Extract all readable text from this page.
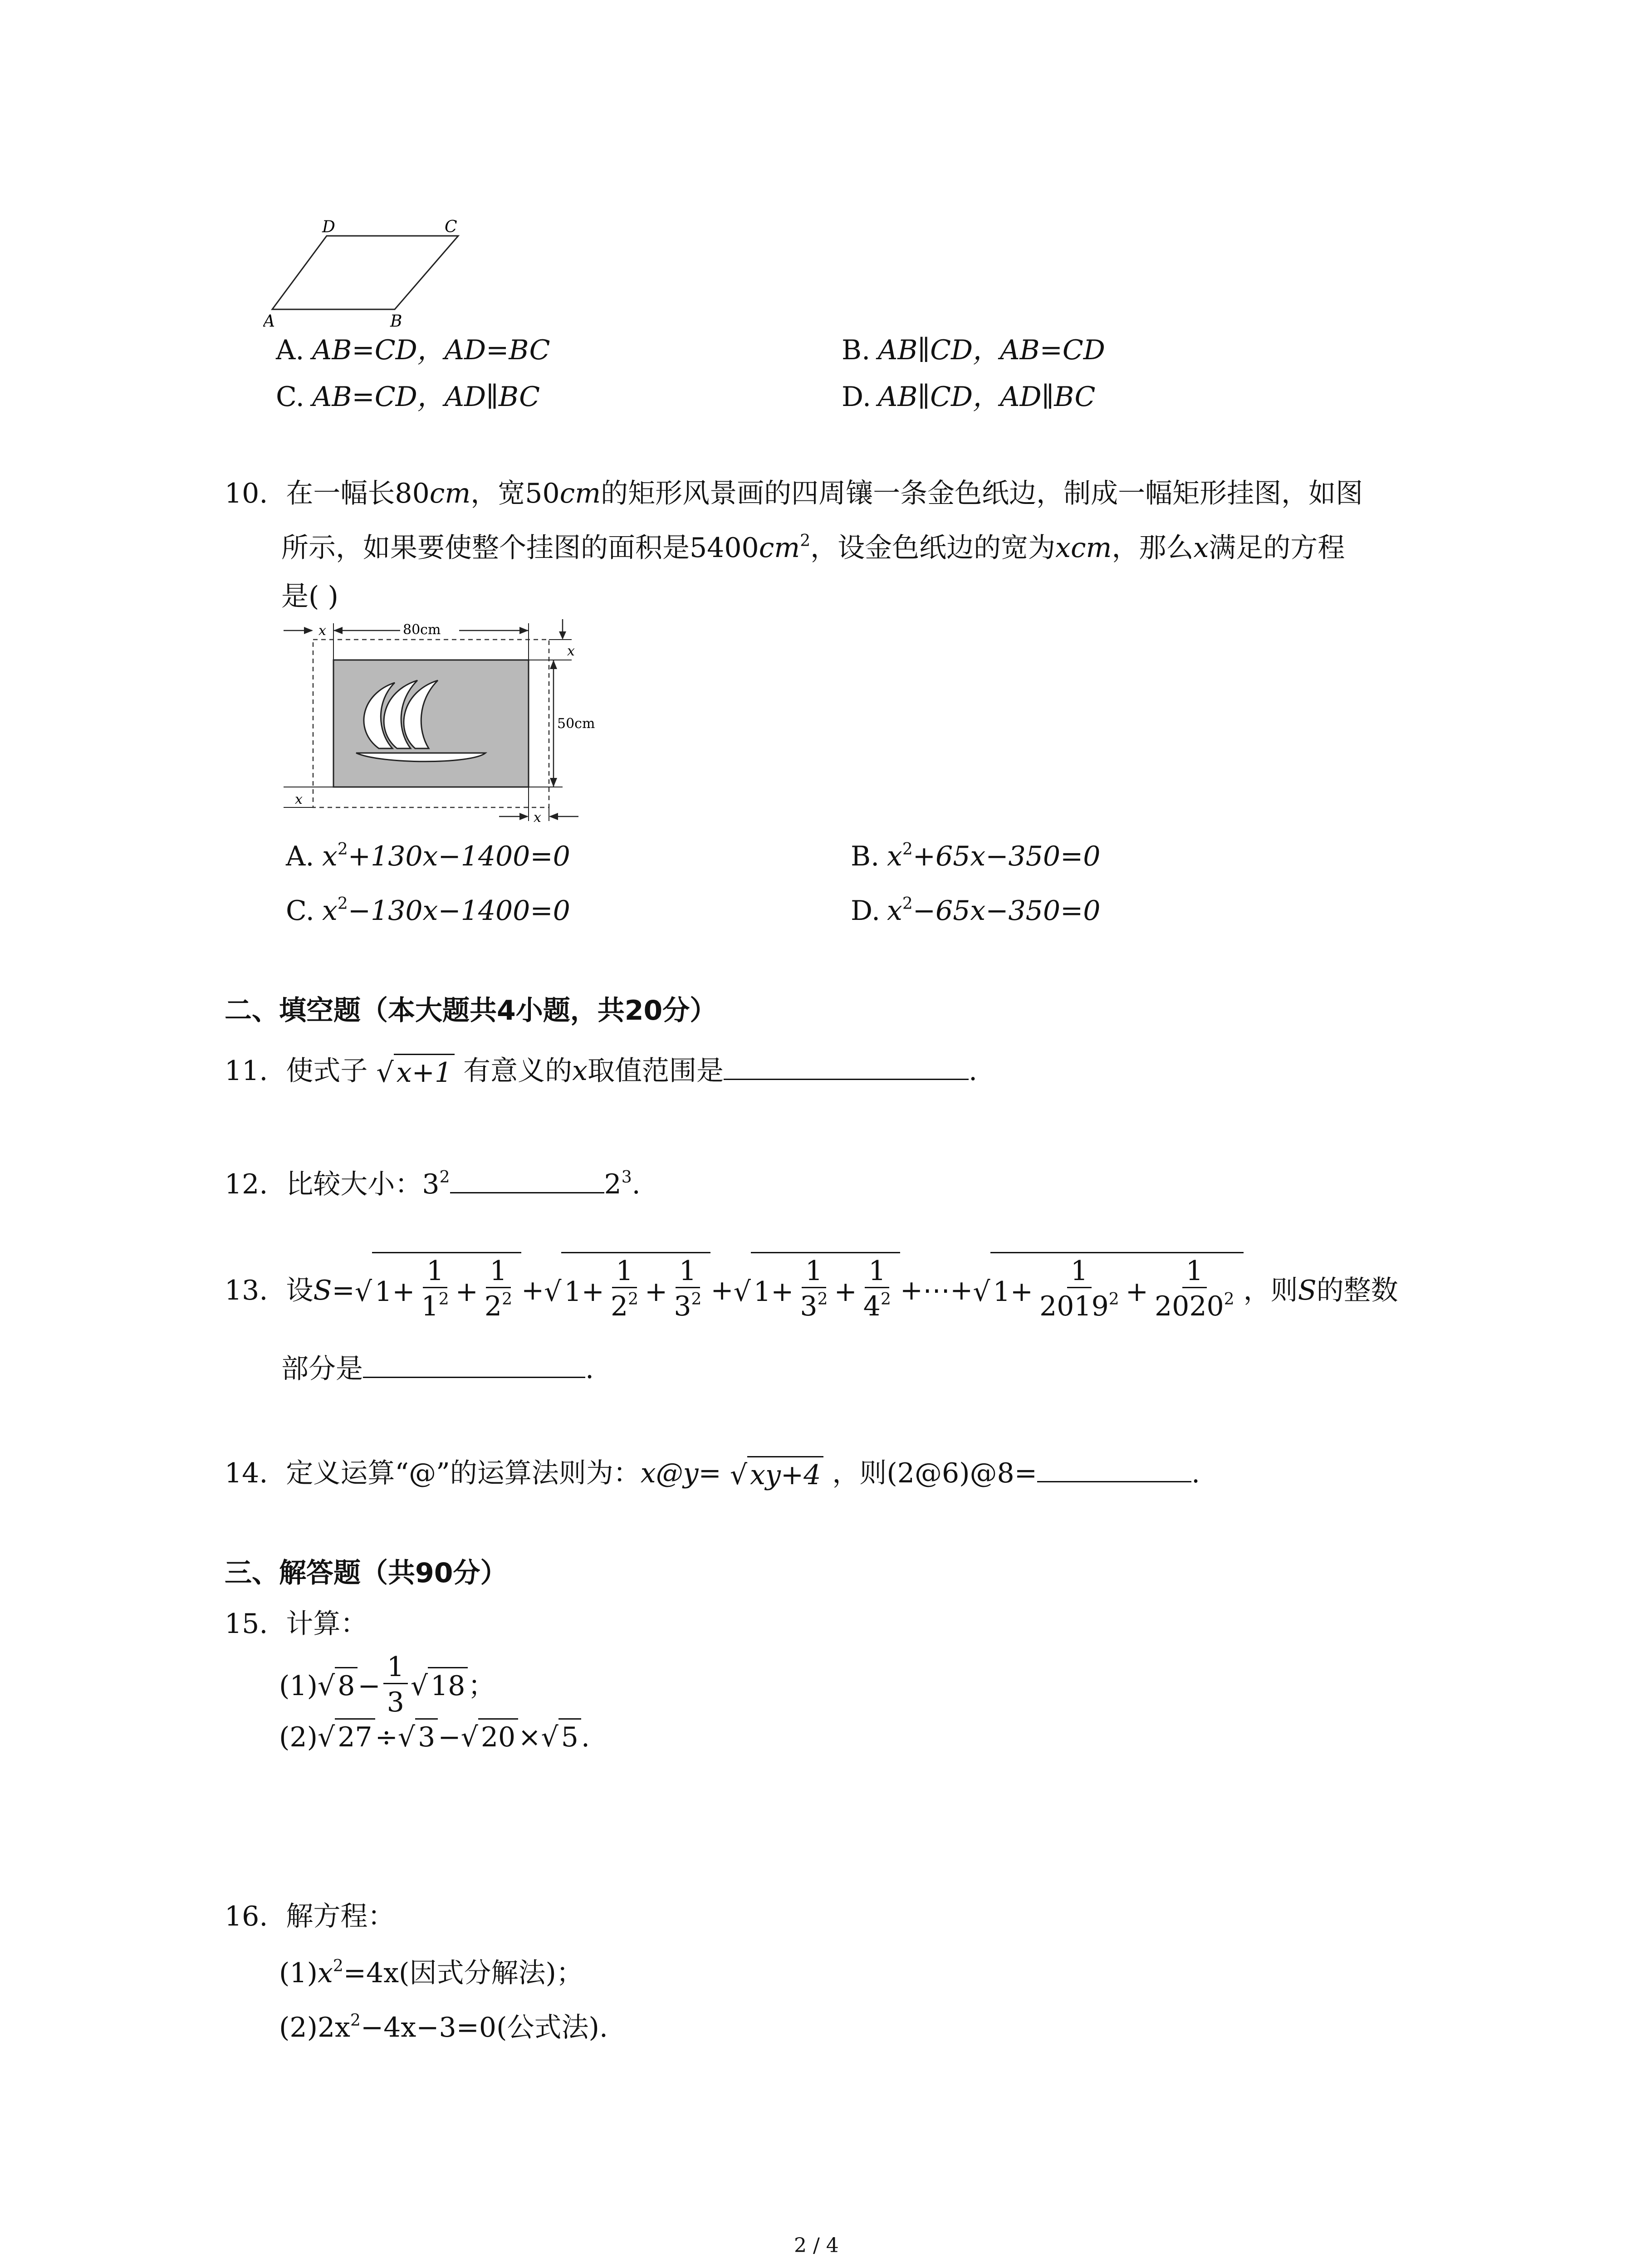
D	C
A	B
A. AB=CD，AD=BC	B. AB∥CD，AB=CD
C. AB=CD，AD∥BC	D. AB∥CD，AD∥BC
10. 在一幅长80cm，宽50cm的矩形风景画的四周镶一条金色纸边，制成一幅矩形挂图，如图
所示，如果要使整个挂图的面积是$5400cm^2$，设金色纸边的宽为xcm，那么x满足的方程
是( )
80cm
x
x
50cm
x
x
A. $x^2+130x-1400=0$	B. $x^2+65x-350=0$
C. $x^2-130x-1400=0$	D. $x^2-65x-350=0$
二、填空题（本大题共4小题，共20分）
11. 使式子 √ x+1 有意义的x取值范围是	.
12. 比较大小：$3^2$	$2^3$.
13. 设 S = √ $1+ \frac{1}{1^2} + \frac{1}{2^2}$ + √ $1+ \frac{1}{2^2} + \frac{1}{3^2}$ + √ $1+ \frac{1}{3^2} + \frac{1}{4^2}$ +⋯+ √ $1+ \frac{1}{2019^2} + \frac{1}{2020^2}$ ，则 S 的整数
部分是	.
14. 定义运算“@”的运算法则为：x@y= √ xy+4 ，则(2@6)@8=	.
三、解答题（共90分）
15. 计算：
(1) √ $8 - \frac{1}{3}$ √ 18 ；
(2) √ 27 ÷ √ 3 − √ 20 × √ 5 .
16. 解方程：
$(1)x^2=4x$(因式分解法)；
$(2)2x^2-4x-3=0$(公式法).
2 / 4
